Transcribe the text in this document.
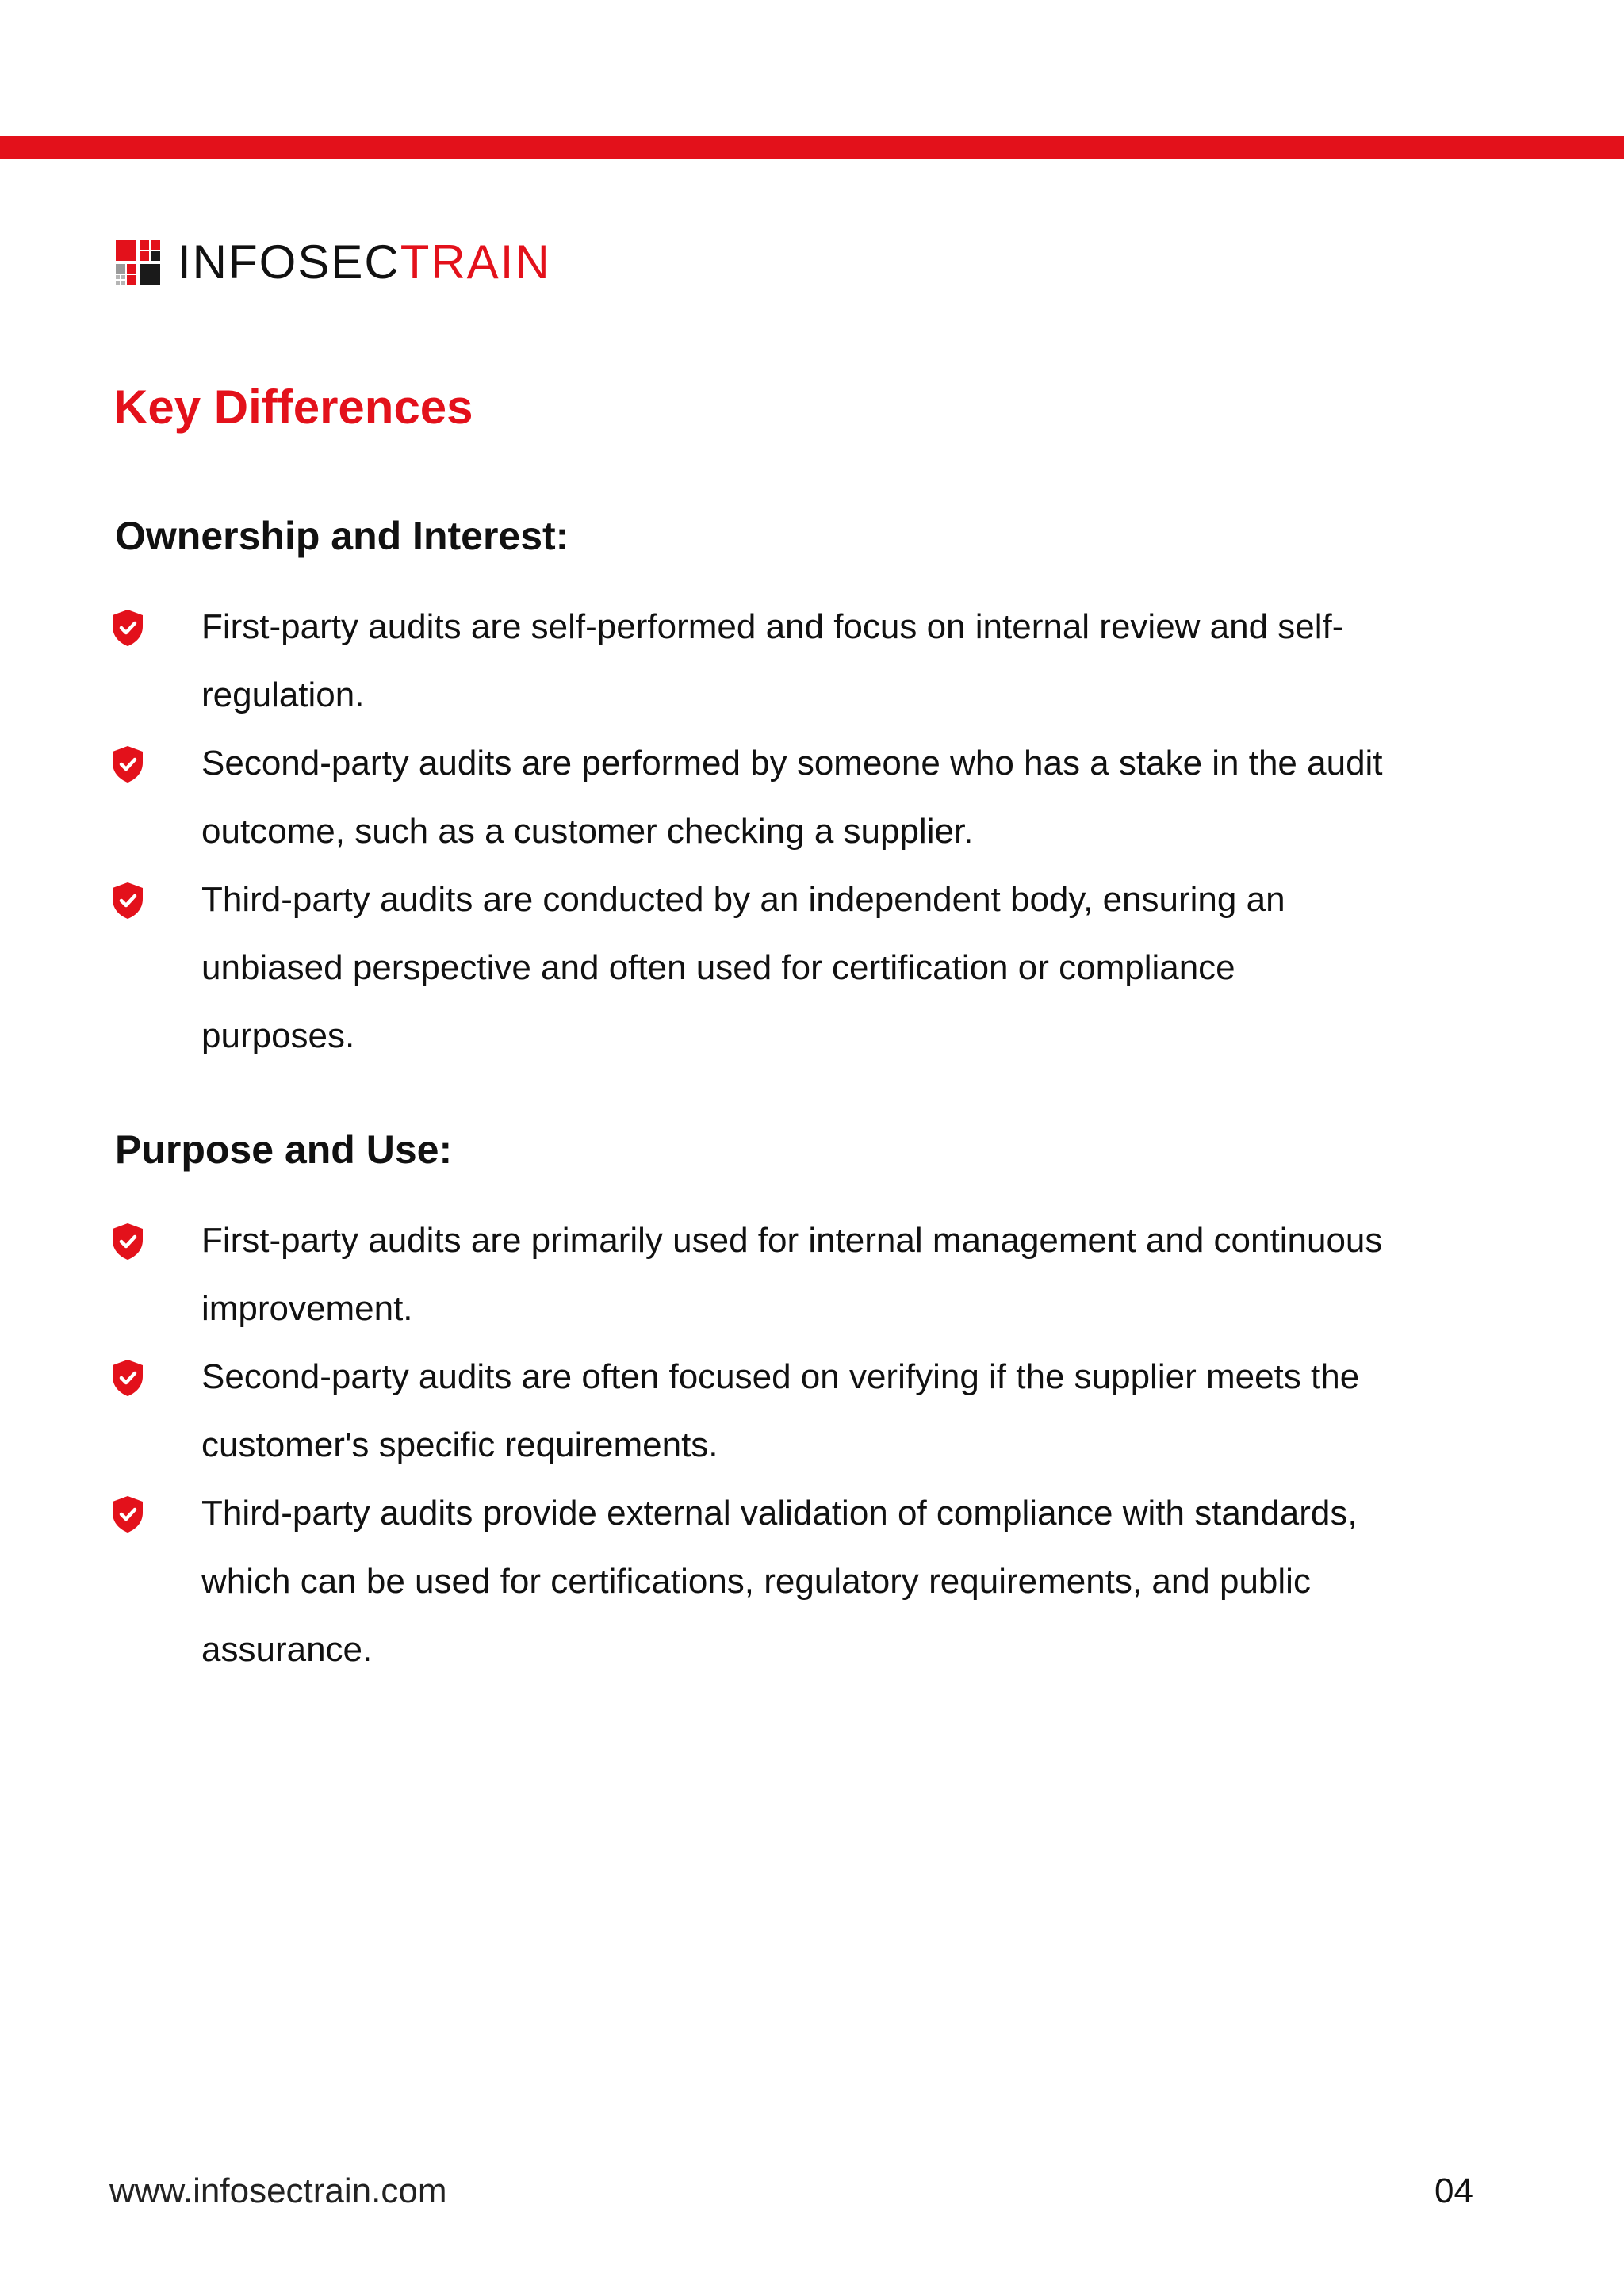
INFOSECTRAIN
Key Differences
Ownership and Interest:
First-party audits are self-performed and focus on internal review and self-regulation.
Second-party audits are performed by someone who has a stake in the audit outcome, such as a customer checking a supplier.
Third-party audits are conducted by an independent body, ensuring an unbiased perspective and often used for certification or compliance purposes.
Purpose and Use:
First-party audits are primarily used for internal management and continuous improvement.
Second-party audits are often focused on verifying if the supplier meets the customer's specific requirements.
Third-party audits provide external validation of compliance with standards, which can be used for certifications, regulatory requirements, and public assurance.
www.infosectrain.com	04
